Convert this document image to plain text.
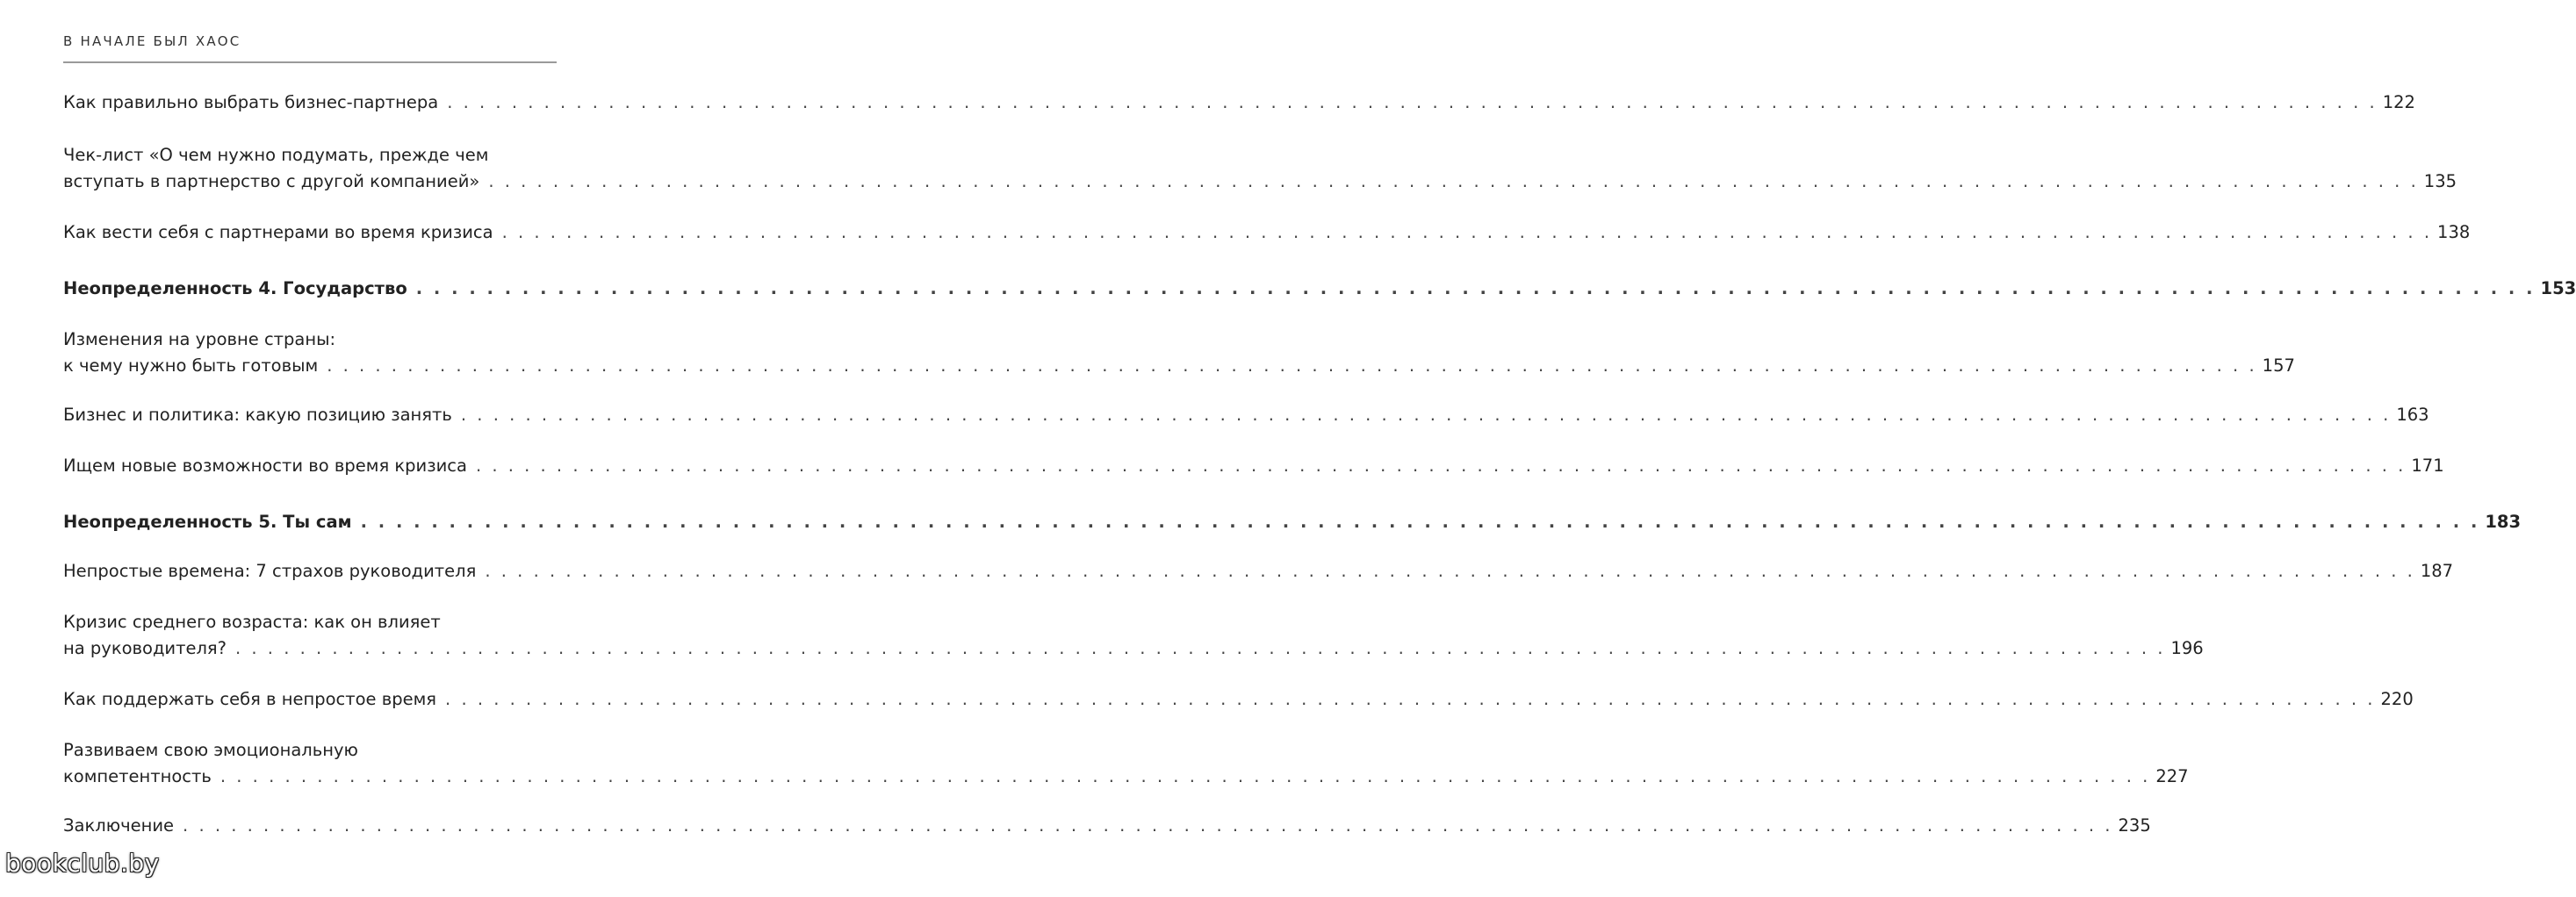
В НАЧАЛЕ БЫЛ ХАОС
Как правильно выбрать бизнес-партнера . . . . . . . . . . . . . . . . . . . . . . . . . . . . . . . . . . . . . . . . . . . . . . . . . . . . . . . . . . . . . . . . . . . . . . . . . . . . . . . . . . . . . . . . . . . . . . . . . . . . . . . . . . . . . . . . . . . . . . . . 122
Чек-лист «О чем нужно подумать, прежде чем
вступать в партнерство с другой компанией» . . . . . . . . . . . . . . . . . . . . . . . . . . . . . . . . . . . . . . . . . . . . . . . . . . . . . . . . . . . . . . . . . . . . . . . . . . . . . . . . . . . . . . . . . . . . . . . . . . . . . . . . . . . . . . . . . . . . . . . . 135
Как вести себя с партнерами во время кризиса . . . . . . . . . . . . . . . . . . . . . . . . . . . . . . . . . . . . . . . . . . . . . . . . . . . . . . . . . . . . . . . . . . . . . . . . . . . . . . . . . . . . . . . . . . . . . . . . . . . . . . . . . . . . . . . . . . . . . . . . 138
Неопределенность 4. Государство . . . . . . . . . . . . . . . . . . . . . . . . . . . . . . . . . . . . . . . . . . . . . . . . . . . . . . . . . . . . . . . . . . . . . . . . . . . . . . . . . . . . . . . . . . . . . . . . . . . . . . . . . . . . . . . . . . . . . . . . 153
Изменения на уровне страны:
к чему нужно быть готовым . . . . . . . . . . . . . . . . . . . . . . . . . . . . . . . . . . . . . . . . . . . . . . . . . . . . . . . . . . . . . . . . . . . . . . . . . . . . . . . . . . . . . . . . . . . . . . . . . . . . . . . . . . . . . . . . . . . . . . . . 157
Бизнес и политика: какую позицию занять . . . . . . . . . . . . . . . . . . . . . . . . . . . . . . . . . . . . . . . . . . . . . . . . . . . . . . . . . . . . . . . . . . . . . . . . . . . . . . . . . . . . . . . . . . . . . . . . . . . . . . . . . . . . . . . . . . . . . . . . 163
Ищем новые возможности во время кризиса . . . . . . . . . . . . . . . . . . . . . . . . . . . . . . . . . . . . . . . . . . . . . . . . . . . . . . . . . . . . . . . . . . . . . . . . . . . . . . . . . . . . . . . . . . . . . . . . . . . . . . . . . . . . . . . . . . . . . . . . 171
Неопределенность 5. Ты сам . . . . . . . . . . . . . . . . . . . . . . . . . . . . . . . . . . . . . . . . . . . . . . . . . . . . . . . . . . . . . . . . . . . . . . . . . . . . . . . . . . . . . . . . . . . . . . . . . . . . . . . . . . . . . . . . . . . . . . . . 183
Непростые времена: 7 страхов руководителя . . . . . . . . . . . . . . . . . . . . . . . . . . . . . . . . . . . . . . . . . . . . . . . . . . . . . . . . . . . . . . . . . . . . . . . . . . . . . . . . . . . . . . . . . . . . . . . . . . . . . . . . . . . . . . . . . . . . . . . . 187
Кризис среднего возраста: как он влияет
на руководителя? . . . . . . . . . . . . . . . . . . . . . . . . . . . . . . . . . . . . . . . . . . . . . . . . . . . . . . . . . . . . . . . . . . . . . . . . . . . . . . . . . . . . . . . . . . . . . . . . . . . . . . . . . . . . . . . . . . . . . . . . 196
Как поддержать себя в непростое время . . . . . . . . . . . . . . . . . . . . . . . . . . . . . . . . . . . . . . . . . . . . . . . . . . . . . . . . . . . . . . . . . . . . . . . . . . . . . . . . . . . . . . . . . . . . . . . . . . . . . . . . . . . . . . . . . . . . . . . . 220
Развиваем свою эмоциональную
компетентность . . . . . . . . . . . . . . . . . . . . . . . . . . . . . . . . . . . . . . . . . . . . . . . . . . . . . . . . . . . . . . . . . . . . . . . . . . . . . . . . . . . . . . . . . . . . . . . . . . . . . . . . . . . . . . . . . . . . . . . . 227
Заключение . . . . . . . . . . . . . . . . . . . . . . . . . . . . . . . . . . . . . . . . . . . . . . . . . . . . . . . . . . . . . . . . . . . . . . . . . . . . . . . . . . . . . . . . . . . . . . . . . . . . . . . . . . . . . . . . . . . . . . . . 235
bookclub.by
